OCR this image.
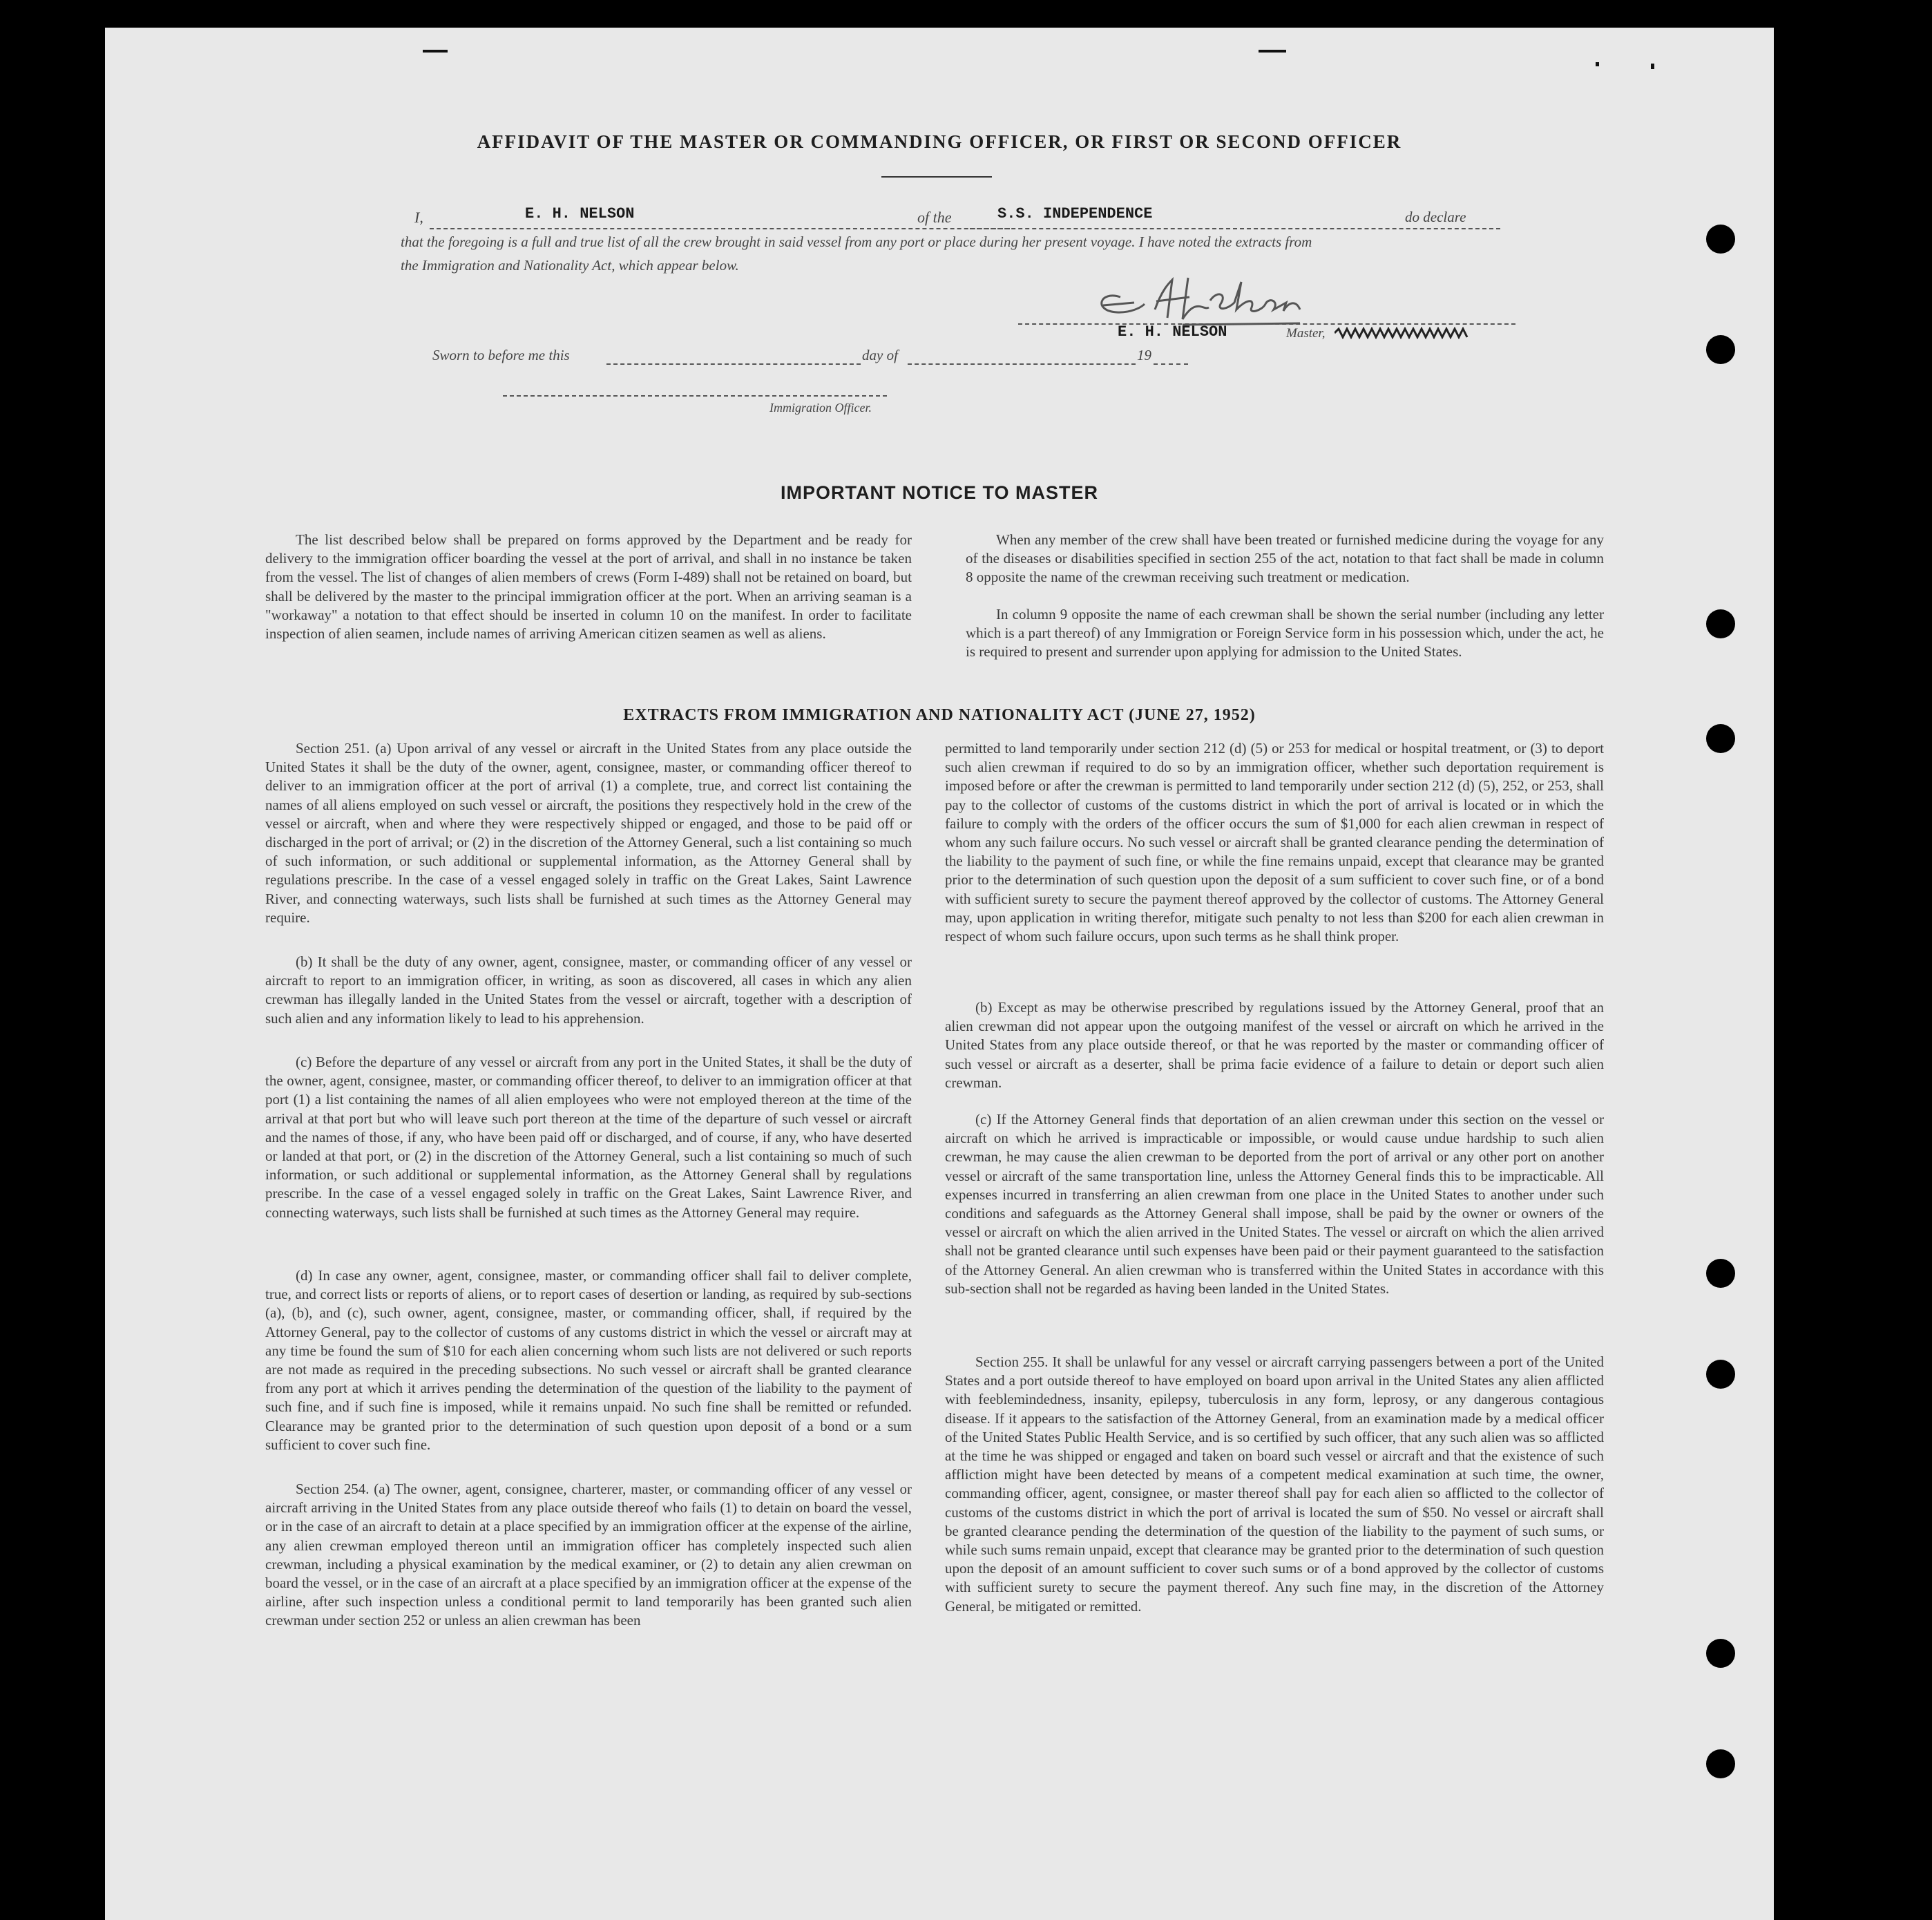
AFFIDAVIT OF THE MASTER OR COMMANDING OFFICER, OR FIRST OR SECOND OFFICER
I,	E. H. NELSON	of the	S.S. INDEPENDENCE	do declare
that the foregoing is a full and true list of all the crew brought in said vessel from any port or place during her present voyage. I have noted the extracts from
the Immigration and Nationality Act, which appear below.
E. H. NELSON	Master,
Sworn to before me this	day of	19
Immigration Officer.
IMPORTANT NOTICE TO MASTER

The list described below shall be prepared on forms approved by the Department and be ready for delivery to the immigration officer boarding the vessel at the port of arrival, and shall in no instance be taken from the vessel. The list of changes of alien members of crews (Form I-489) shall not be retained on board, but shall be delivered by the master to the principal immigration officer at the port. When an arriving seaman is a "workaway" a notation to that effect should be inserted in column 10 on the manifest. In order to facilitate inspection of alien seamen, include names of arriving American citizen seamen as well as aliens.

When any member of the crew shall have been treated or furnished medicine during the voyage for any of the diseases or disabilities specified in section 255 of the act, notation to that fact shall be made in column 8 opposite the name of the crewman receiving such treatment or medication.

In column 9 opposite the name of each crewman shall be shown the serial number (including any letter which is a part thereof) of any Immigration or Foreign Service form in his possession which, under the act, he is required to present and surrender upon applying for admission to the United States.

EXTRACTS FROM IMMIGRATION AND NATIONALITY ACT (JUNE 27, 1952)

Section 251. (a) Upon arrival of any vessel or aircraft in the United States from any place outside the United States it shall be the duty of the owner, agent, consignee, master, or commanding officer thereof to deliver to an immigration officer at the port of arrival (1) a complete, true, and correct list containing the names of all aliens employed on such vessel or aircraft, the positions they respectively hold in the crew of the vessel or aircraft, when and where they were respectively shipped or engaged, and those to be paid off or discharged in the port of arrival; or (2) in the discretion of the Attorney General, such a list containing so much of such information, or such additional or supplemental information, as the Attorney General shall by regulations prescribe. In the case of a vessel engaged solely in traffic on the Great Lakes, Saint Lawrence River, and connecting waterways, such lists shall be furnished at such times as the Attorney General may require.

(b) It shall be the duty of any owner, agent, consignee, master, or commanding officer of any vessel or aircraft to report to an immigration officer, in writing, as soon as discovered, all cases in which any alien crewman has illegally landed in the United States from the vessel or aircraft, together with a description of such alien and any information likely to lead to his apprehension.

(c) Before the departure of any vessel or aircraft from any port in the United States, it shall be the duty of the owner, agent, consignee, master, or commanding officer thereof, to deliver to an immigration officer at that port (1) a list containing the names of all alien employees who were not employed thereon at the time of the arrival at that port but who will leave such port thereon at the time of the departure of such vessel or aircraft and the names of those, if any, who have been paid off or discharged, and of course, if any, who have deserted or landed at that port, or (2) in the discretion of the Attorney General, such a list containing so much of such information, or such additional or supplemental information, as the Attorney General shall by regulations prescribe. In the case of a vessel engaged solely in traffic on the Great Lakes, Saint Lawrence River, and connecting waterways, such lists shall be furnished at such times as the Attorney General may require.

(d) In case any owner, agent, consignee, master, or commanding officer shall fail to deliver complete, true, and correct lists or reports of aliens, or to report cases of desertion or landing, as required by sub-sections (a), (b), and (c), such owner, agent, consignee, master, or commanding officer, shall, if required by the Attorney General, pay to the collector of customs of any customs district in which the vessel or aircraft may at any time be found the sum of $10 for each alien concerning whom such lists are not delivered or such reports are not made as required in the preceding subsections. No such vessel or aircraft shall be granted clearance from any port at which it arrives pending the determination of the question of the liability to the payment of such fine, and if such fine is imposed, while it remains unpaid. No such fine shall be remitted or refunded. Clearance may be granted prior to the determination of such question upon deposit of a bond or a sum sufficient to cover such fine.

Section 254. (a) The owner, agent, consignee, charterer, master, or commanding officer of any vessel or aircraft arriving in the United States from any place outside thereof who fails (1) to detain on board the vessel, or in the case of an aircraft to detain at a place specified by an immigration officer at the expense of the airline, any alien crewman employed thereon until an immigration officer has completely inspected such alien crewman, including a physical examination by the medical examiner, or (2) to detain any alien crewman on board the vessel, or in the case of an aircraft at a place specified by an immigration officer at the expense of the airline, after such inspection unless a conditional permit to land temporarily has been granted such alien crewman under section 252 or unless an alien crewman has been

permitted to land temporarily under section 212 (d) (5) or 253 for medical or hospital treatment, or (3) to deport such alien crewman if required to do so by an immigration officer, whether such deportation requirement is imposed before or after the crewman is permitted to land temporarily under section 212 (d) (5), 252, or 253, shall pay to the collector of customs of the customs district in which the port of arrival is located or in which the failure to comply with the orders of the officer occurs the sum of $1,000 for each alien crewman in respect of whom any such failure occurs. No such vessel or aircraft shall be granted clearance pending the determination of the liability to the payment of such fine, or while the fine remains unpaid, except that clearance may be granted prior to the determination of such question upon the deposit of a sum sufficient to cover such fine, or of a bond with sufficient surety to secure the payment thereof approved by the collector of customs. The Attorney General may, upon application in writing therefor, mitigate such penalty to not less than $200 for each alien crewman in respect of whom such failure occurs, upon such terms as he shall think proper.

(b) Except as may be otherwise prescribed by regulations issued by the Attorney General, proof that an alien crewman did not appear upon the outgoing manifest of the vessel or aircraft on which he arrived in the United States from any place outside thereof, or that he was reported by the master or commanding officer of such vessel or aircraft as a deserter, shall be prima facie evidence of a failure to detain or deport such alien crewman.

(c) If the Attorney General finds that deportation of an alien crewman under this section on the vessel or aircraft on which he arrived is impracticable or impossible, or would cause undue hardship to such alien crewman, he may cause the alien crewman to be deported from the port of arrival or any other port on another vessel or aircraft of the same transportation line, unless the Attorney General finds this to be impracticable. All expenses incurred in transferring an alien crewman from one place in the United States to another under such conditions and safeguards as the Attorney General shall impose, shall be paid by the owner or owners of the vessel or aircraft on which the alien arrived in the United States. The vessel or aircraft on which the alien arrived shall not be granted clearance until such expenses have been paid or their payment guaranteed to the satisfaction of the Attorney General. An alien crewman who is transferred within the United States in accordance with this sub-section shall not be regarded as having been landed in the United States.

Section 255. It shall be unlawful for any vessel or aircraft carrying passengers between a port of the United States and a port outside thereof to have employed on board upon arrival in the United States any alien afflicted with feeblemindedness, insanity, epilepsy, tuberculosis in any form, leprosy, or any dangerous contagious disease. If it appears to the satisfaction of the Attorney General, from an examination made by a medical officer of the United States Public Health Service, and is so certified by such officer, that any such alien was so afflicted at the time he was shipped or engaged and taken on board such vessel or aircraft and that the existence of such affliction might have been detected by means of a competent medical examination at such time, the owner, commanding officer, agent, consignee, or master thereof shall pay for each alien so afflicted to the collector of customs of the customs district in which the port of arrival is located the sum of $50. No vessel or aircraft shall be granted clearance pending the determination of the question of the liability to the payment of such sums, or while such sums remain unpaid, except that clearance may be granted prior to the determination of such question upon the deposit of an amount sufficient to cover such sums or of a bond approved by the collector of customs with sufficient surety to secure the payment thereof. Any such fine may, in the discretion of the Attorney General, be mitigated or remitted.
